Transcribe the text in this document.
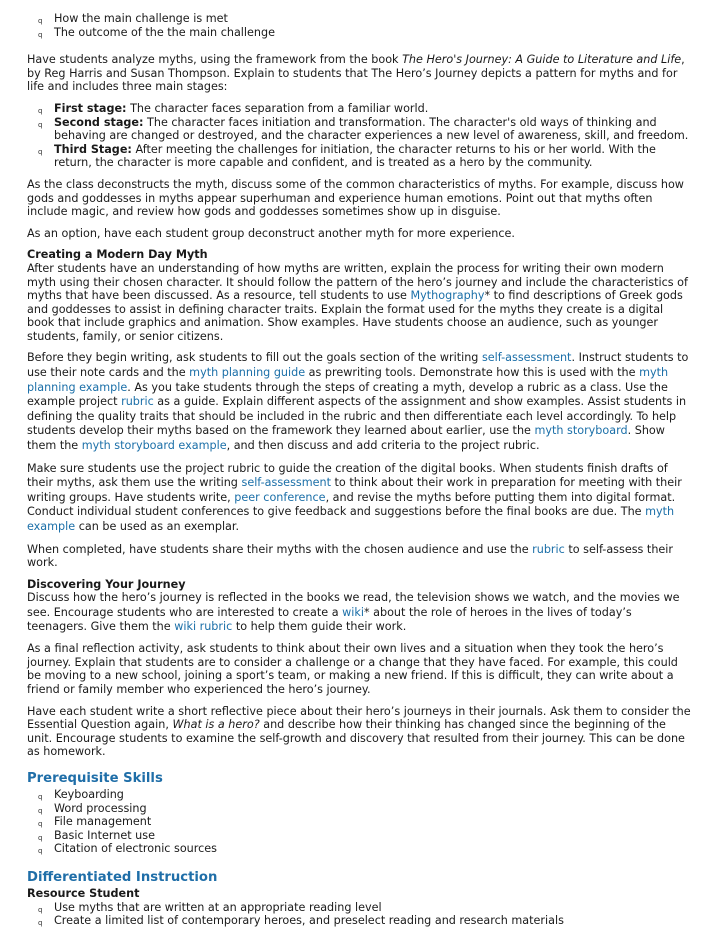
q How the main challenge is met
q The outcome of the the main challenge

Have students analyze myths, using the framework from the book The Hero's Journey: A Guide to Literature and Life, by Reg Harris and Susan Thompson. Explain to students that The Hero’s Journey depicts a pattern for myths and for life and includes three main stages:

q First stage: The character faces separation from a familiar world.
q Second stage: The character faces initiation and transformation. The character's old ways of thinking and behaving are changed or destroyed, and the character experiences a new level of awareness, skill, and freedom.
q Third Stage: After meeting the challenges for initiation, the character returns to his or her world. With the return, the character is more capable and confident, and is treated as a hero by the community.

As the class deconstructs the myth, discuss some of the common characteristics of myths. For example, discuss how gods and goddesses in myths appear superhuman and experience human emotions. Point out that myths often include magic, and review how gods and goddesses sometimes show up in disguise.

As an option, have each student group deconstruct another myth for more experience.

Creating a Modern Day Myth

After students have an understanding of how myths are written, explain the process for writing their own modern myth using their chosen character. It should follow the pattern of the hero’s journey and include the characteristics of myths that have been discussed. As a resource, tell students to use Mythography* to find descriptions of Greek gods and goddesses to assist in defining character traits. Explain the format used for the myths they create is a digital book that include graphics and animation. Show examples. Have students choose an audience, such as younger students, family, or senior citizens.

Before they begin writing, ask students to fill out the goals section of the writing self-assessment. Instruct students to use their note cards and the myth planning guide as prewriting tools. Demonstrate how this is used with the myth planning example. As you take students through the steps of creating a myth, develop a rubric as a class. Use the example project rubric as a guide. Explain different aspects of the assignment and show examples. Assist students in defining the quality traits that should be included in the rubric and then differentiate each level accordingly. To help students develop their myths based on the framework they learned about earlier, use the myth storyboard. Show them the myth storyboard example, and then discuss and add criteria to the project rubric.

Make sure students use the project rubric to guide the creation of the digital books. When students finish drafts of their myths, ask them use the writing self-assessment to think about their work in preparation for meeting with their writing groups. Have students write, peer conference, and revise the myths before putting them into digital format. Conduct individual student conferences to give feedback and suggestions before the final books are due. The myth example can be used as an exemplar.

When completed, have students share their myths with the chosen audience and use the rubric to self-assess their work.

Discovering Your Journey

Discuss how the hero’s journey is reflected in the books we read, the television shows we watch, and the movies we see. Encourage students who are interested to create a wiki* about the role of heroes in the lives of today’s teenagers. Give them the wiki rubric to help them guide their work.

As a final reflection activity, ask students to think about their own lives and a situation when they took the hero’s journey. Explain that students are to consider a challenge or a change that they have faced. For example, this could be moving to a new school, joining a sport’s team, or making a new friend. If this is difficult, they can write about a friend or family member who experienced the hero’s journey.

Have each student write a short reflective piece about their hero’s journeys in their journals. Ask them to consider the Essential Question again, What is a hero? and describe how their thinking has changed since the beginning of the unit. Encourage students to examine the self-growth and discovery that resulted from their journey. This can be done as homework.

Prerequisite Skills
q Keyboarding
q Word processing
q File management
q Basic Internet use
q Citation of electronic sources
Differentiated Instruction
Resource Student
q Use myths that are written at an appropriate reading level
q Create a limited list of contemporary heroes, and preselect reading and research materials
